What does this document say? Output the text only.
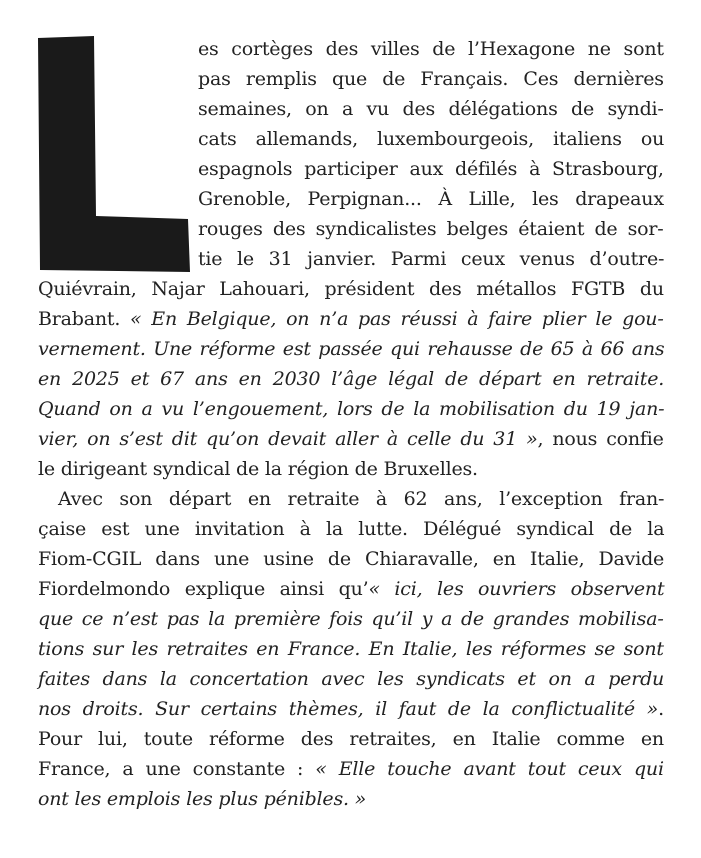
es cortèges des villes de l’Hexagone ne sont
pas remplis que de Français. Ces dernières
semaines, on a vu des délégations de syndi-
cats allemands, luxembourgeois, italiens ou
espagnols participer aux défilés à Strasbourg,
Grenoble, Perpignan... À Lille, les drapeaux
rouges des syndicalistes belges étaient de sor-
tie le 31 janvier. Parmi ceux venus d’outre-
Quiévrain, Najar Lahouari, président des métallos FGTB du
Brabant. « En Belgique, on n’a pas réussi à faire plier le gou-
vernement. Une réforme est passée qui rehausse de 65 à 66 ans
en 2025 et 67 ans en 2030 l’âge légal de départ en retraite.
Quand on a vu l’engouement, lors de la mobilisation du 19 jan-
vier, on s’est dit qu’on devait aller à celle du 31 », nous confie
le dirigeant syndical de la région de Bruxelles.
Avec son départ en retraite à 62 ans, l’exception fran-
çaise est une invitation à la lutte. Délégué syndical de la
Fiom-CGIL dans une usine de Chiaravalle, en Italie, Davide
Fiordelmondo explique ainsi qu’« ici, les ouvriers observent
que ce n’est pas la première fois qu’il y a de grandes mobilisa-
tions sur les retraites en France. En Italie, les réformes se sont
faites dans la concertation avec les syndicats et on a perdu
nos droits. Sur certains thèmes, il faut de la conflictualité ».
Pour lui, toute réforme des retraites, en Italie comme en
France, a une constante : « Elle touche avant tout ceux qui
ont les emplois les plus pénibles. »
